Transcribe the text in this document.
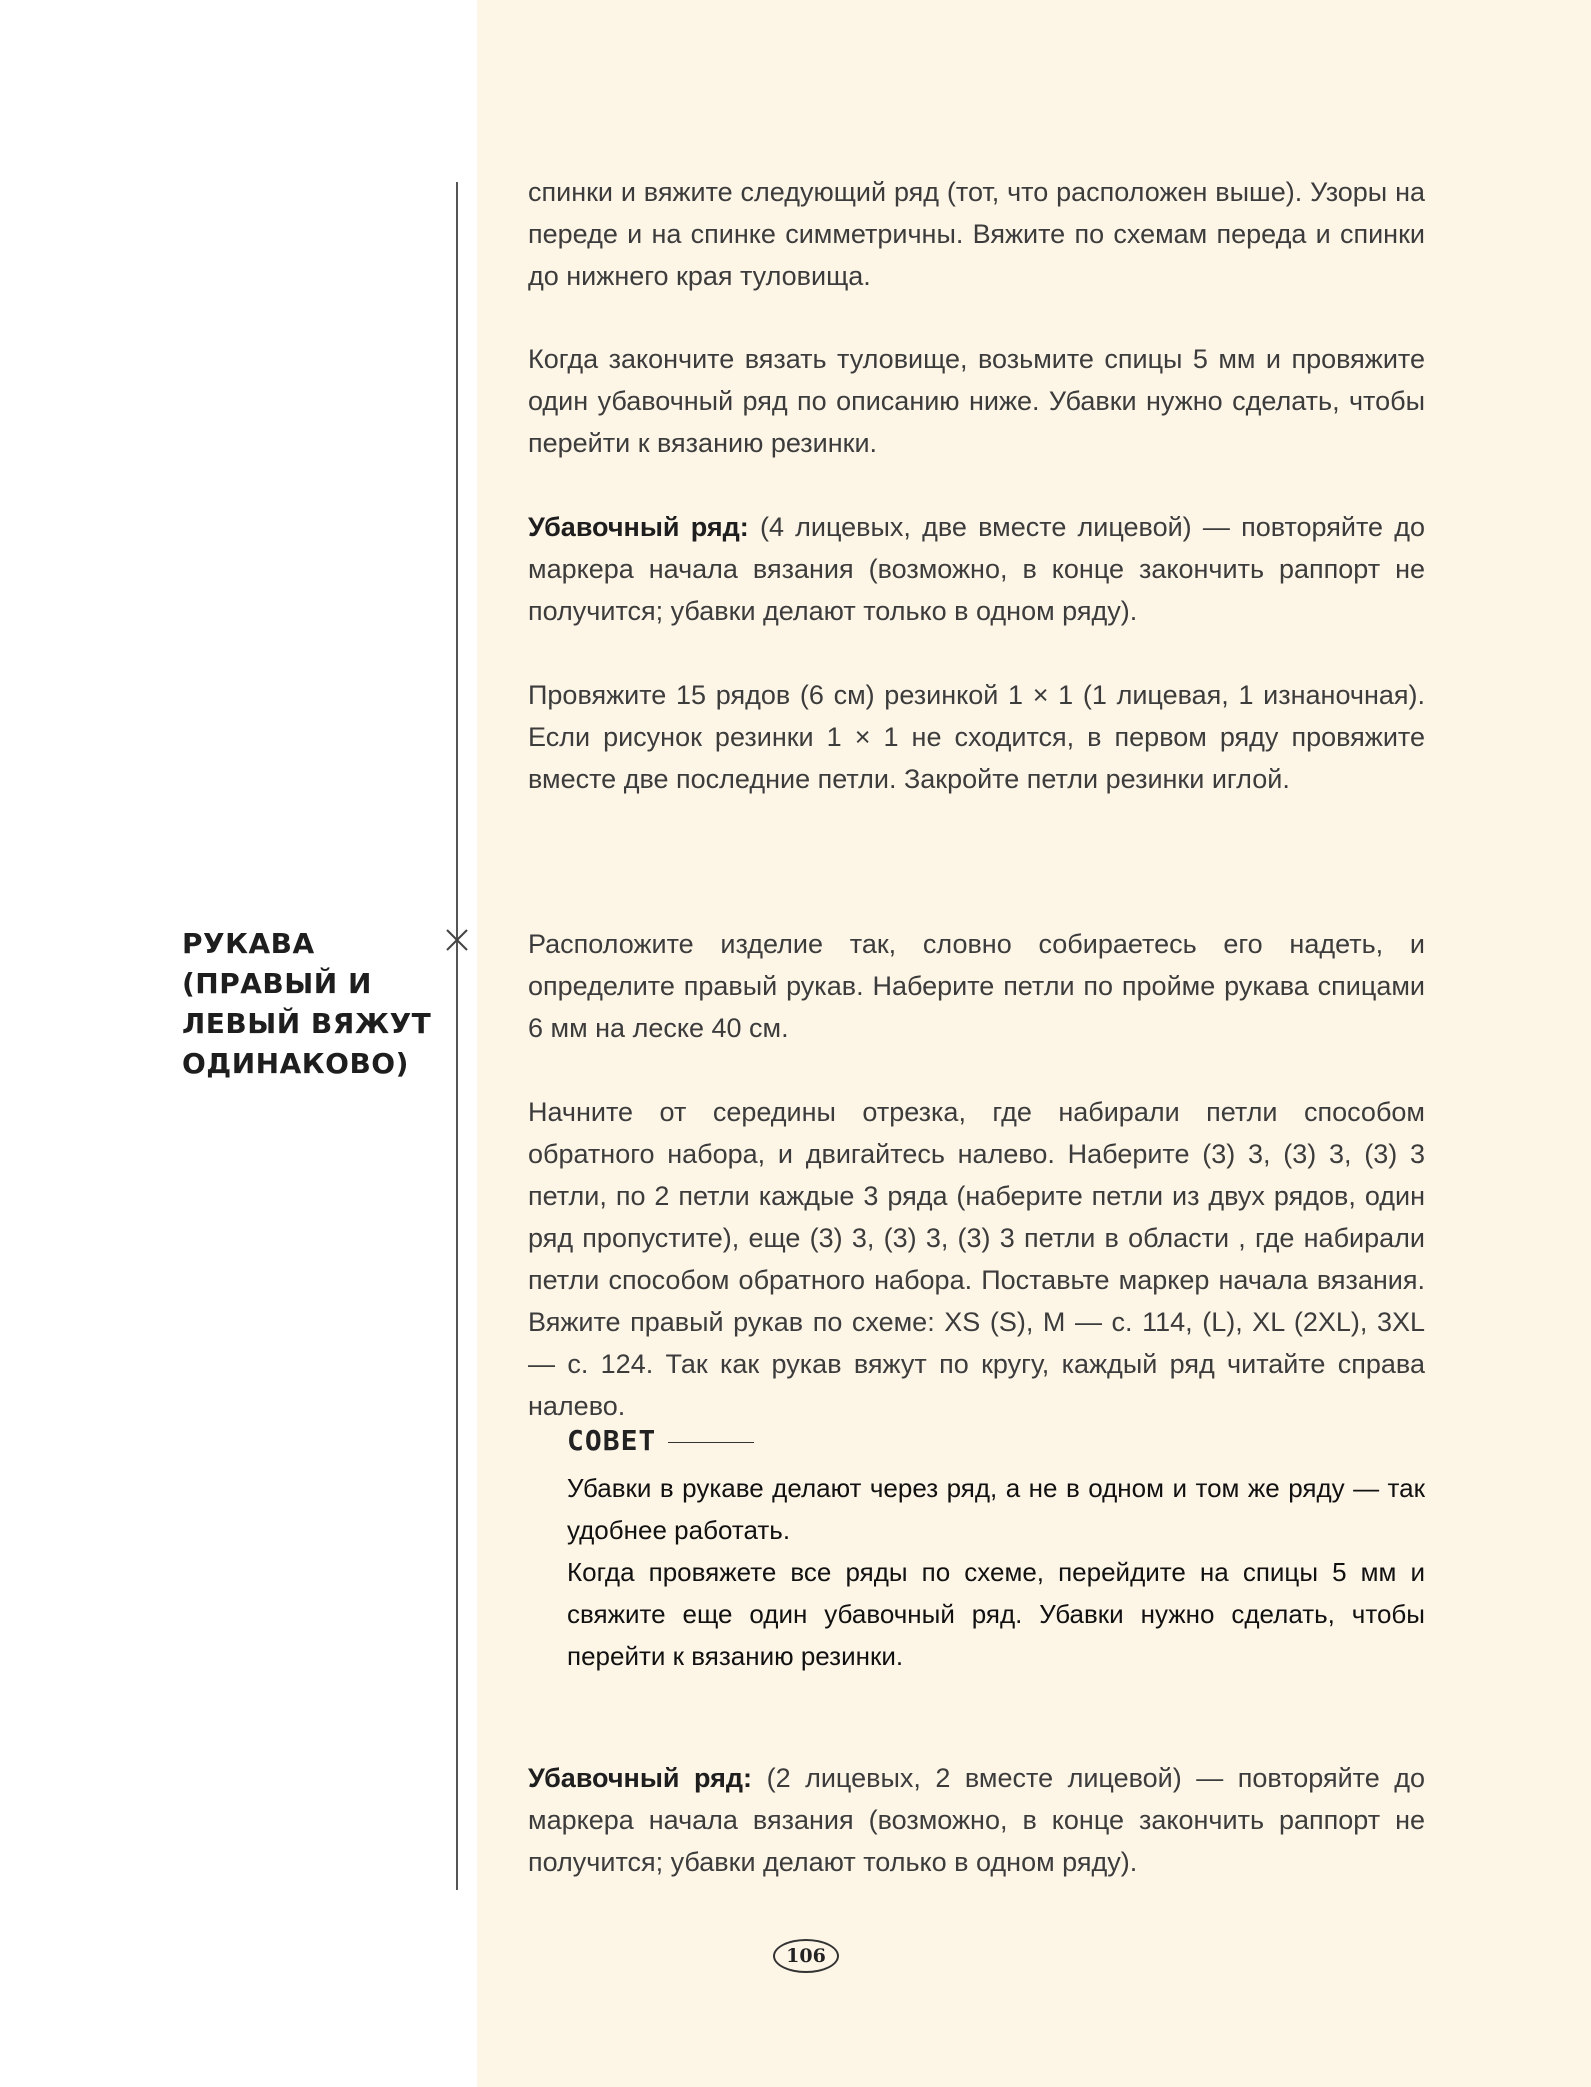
РУКАВА (ПРАВЫЙ И ЛЕВЫЙ ВЯЖУТ ОДИНАКОВО)

спинки и вяжите следующий ряд (тот, что расположен выше). Узоры на переде и на спинке симметричны. Вяжите по схемам переда и спинки до нижнего края туловища.

Когда закончите вязать туловище, возьмите спицы 5 мм и провяжите один убавочный ряд по описанию ниже. Убавки нужно сделать, чтобы перейти к вязанию резинки.

Убавочный ряд: (4 лицевых, две вместе лицевой) — повторяйте до маркера начала вязания (возможно, в конце закончить раппорт не получится; убавки делают только в одном ряду).

Провяжите 15 рядов (6 см) резинкой 1 × 1 (1 лицевая, 1 изнаночная). Если рисунок резинки 1 × 1 не сходится, в первом ряду провяжите вместе две последние петли. Закройте петли резинки иглой.

Расположите изделие так, словно собираетесь его надеть, и определите правый рукав. Наберите петли по пройме рукава спицами 6 мм на леске 40 см.

Начните от середины отрезка, где набирали петли способом обратного набора, и двигайтесь налево. Наберите (3) 3, (3) 3, (3) 3 петли, по 2 петли каждые 3 ряда (наберите петли из двух рядов, один ряд пропустите), еще (3) 3, (3) 3, (3) 3 петли в области , где набирали петли способом обратного набора. Поставьте маркер начала вязания. Вяжите правый рукав по схеме: XS (S), M — с. 114, (L), XL (2XL), 3XL — с. 124. Так как рукав вяжут по кругу, каждый ряд читайте справа налево.

СОВЕТ

Убавки в рукаве делают через ряд, а не в одном и том же ряду — так удобнее работать.

Когда провяжете все ряды по схеме, перейдите на спицы 5 мм и свяжите еще один убавочный ряд. Убавки нужно сделать, чтобы перейти к вязанию резинки.

Убавочный ряд: (2 лицевых, 2 вместе лицевой) — повторяйте до маркера начала вязания (возможно, в конце закончить раппорт не получится; убавки делают только в одном ряду).

106
